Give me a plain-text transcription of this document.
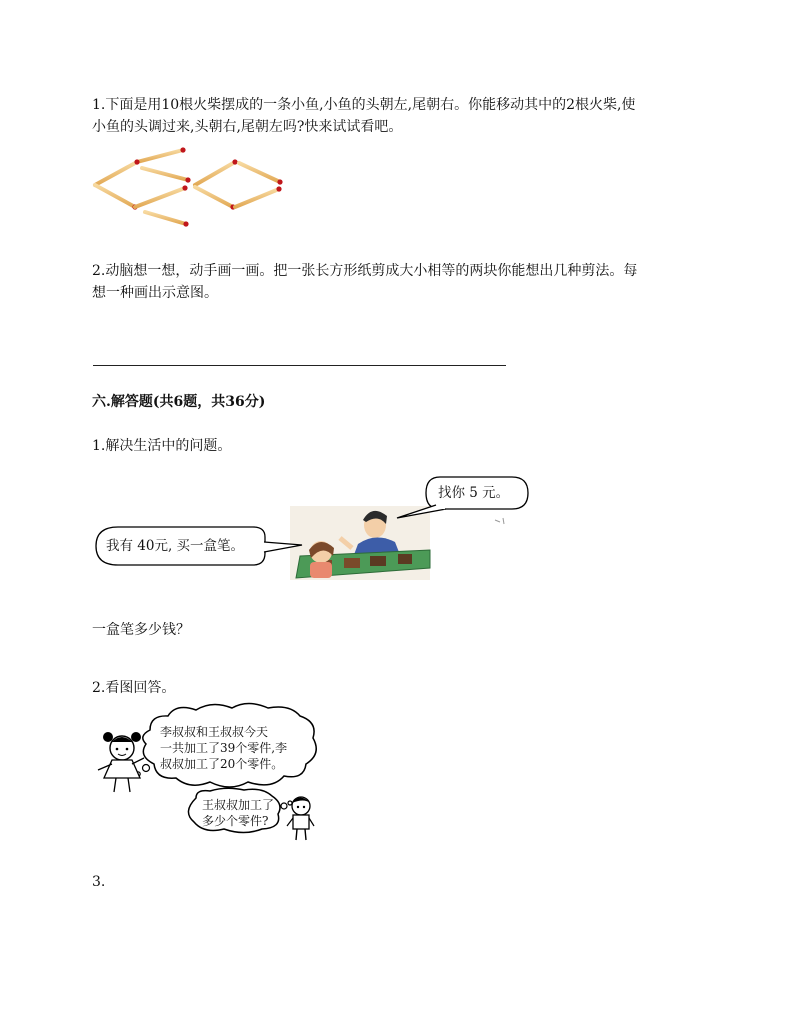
1.下面是用10根火柴摆成的一条小鱼,小鱼的头朝左,尾朝右。你能移动其中的2根火柴,使
小鱼的头调过来,头朝右,尾朝左吗?快来试试看吧。
2.动脑想一想，动手画一画。把一张长方形纸剪成大小相等的两块你能想出几种剪法。每
想一种画出示意图。
六.解答题(共6题，共36分)
1.解决生活中的问题。
我有 40元, 买一盒笔。
找你 5 元。
一盒笔多少钱？
2.看图回答。
李叔叔和王叔叔今天
一共加工了39个零件,李
叔叔加工了20个零件。
王叔叔加工了
多少个零件?
3.
